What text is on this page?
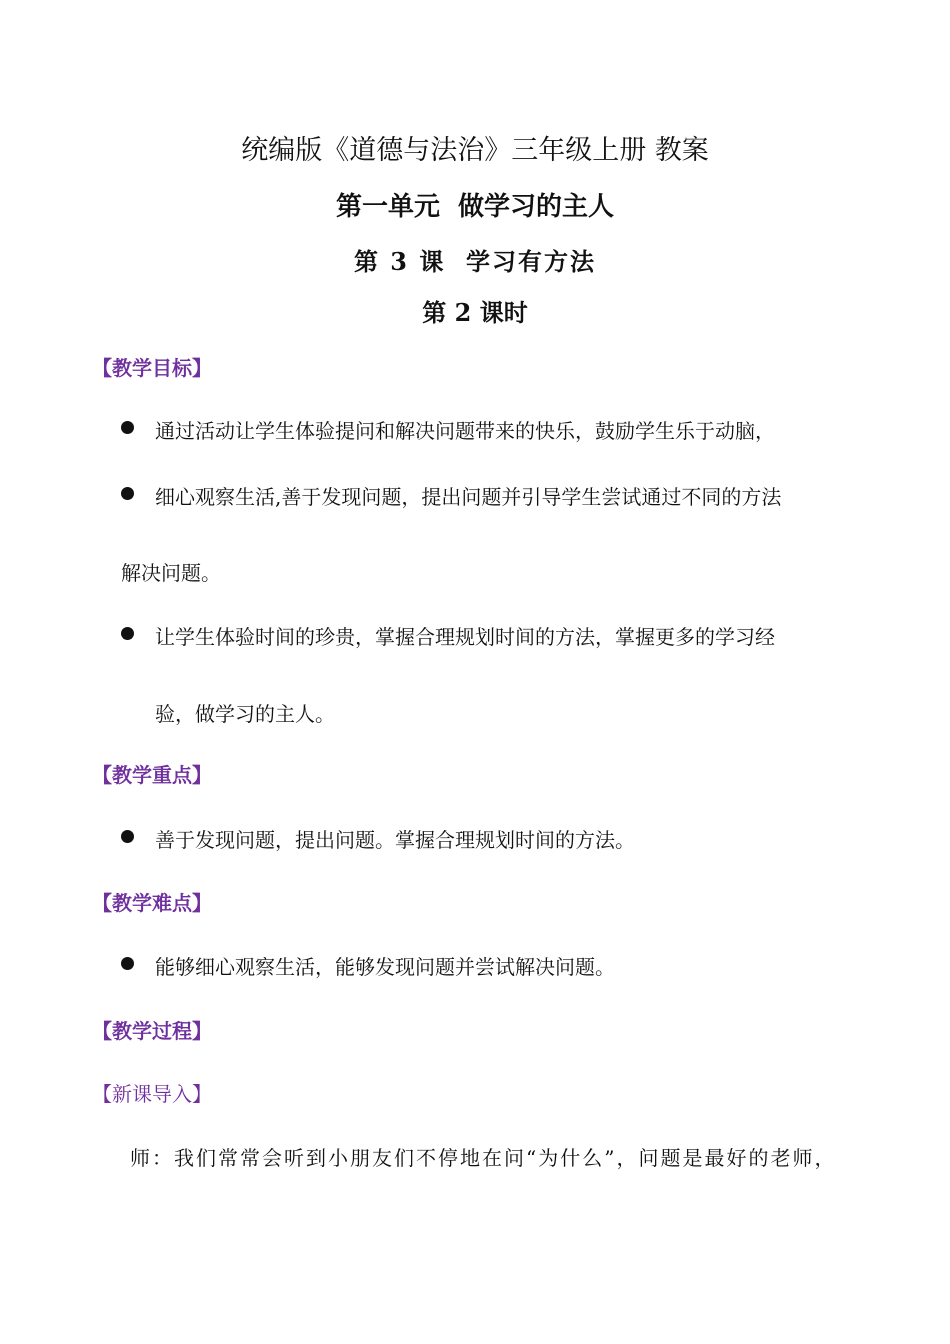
统编版《道德与法治》三年级上册 教案
第一单元  做学习的主人
第 3 课  学习有方法
第 2 课时
【教学目标】
通过活动让学生体验提问和解决问题带来的快乐，鼓励学生乐于动脑，
细心观察生活,善于发现问题，提出问题并引导学生尝试通过不同的方法
解决问题。
让学生体验时间的珍贵，掌握合理规划时间的方法，掌握更多的学习经
验，做学习的主人。
【教学重点】
善于发现问题，提出问题。掌握合理规划时间的方法。
【教学难点】
能够细心观察生活，能够发现问题并尝试解决问题。
【教学过程】
【新课导入】
师：我们常常会听到小朋友们不停地在问“为什么”，问题是最好的老师，
